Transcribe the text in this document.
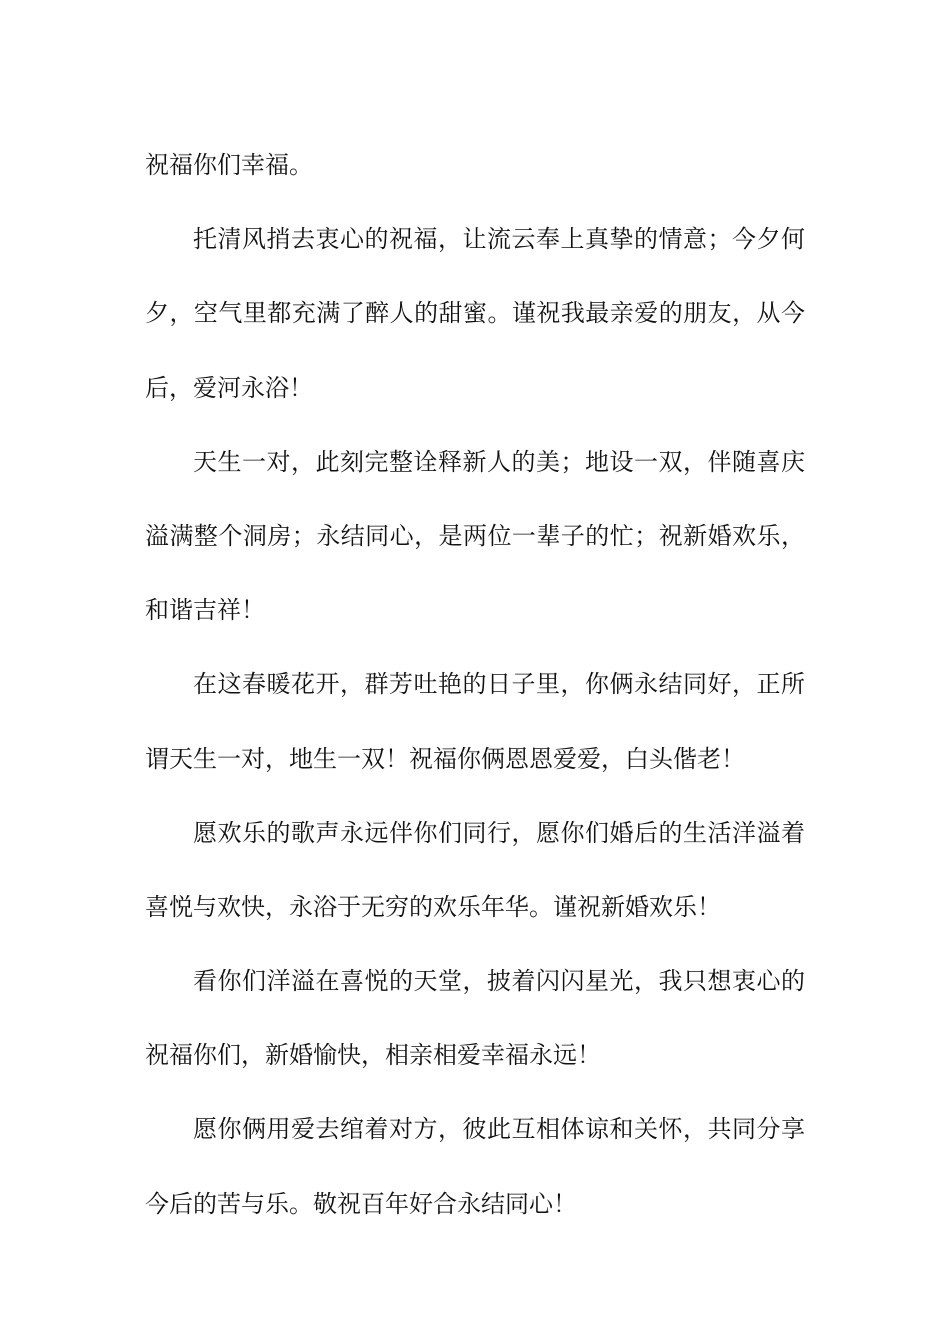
祝福你们幸福。
托清风捎去衷心的祝福，让流云奉上真挚的情意；今夕何
夕，空气里都充满了醉人的甜蜜。谨祝我最亲爱的朋友，从今
后，爱河永浴！
天生一对，此刻完整诠释新人的美；地设一双，伴随喜庆
溢满整个洞房；永结同心，是两位一辈子的忙；祝新婚欢乐，
和谐吉祥！
在这春暖花开，群芳吐艳的日子里，你俩永结同好，正所
谓天生一对，地生一双！祝福你俩恩恩爱爱，白头偕老！
愿欢乐的歌声永远伴你们同行，愿你们婚后的生活洋溢着
喜悦与欢快，永浴于无穷的欢乐年华。谨祝新婚欢乐！
看你们洋溢在喜悦的天堂，披着闪闪星光，我只想衷心的
祝福你们，新婚愉快，相亲相爱幸福永远！
愿你俩用爱去绾着对方，彼此互相体谅和关怀，共同分享
今后的苦与乐。敬祝百年好合永结同心！
